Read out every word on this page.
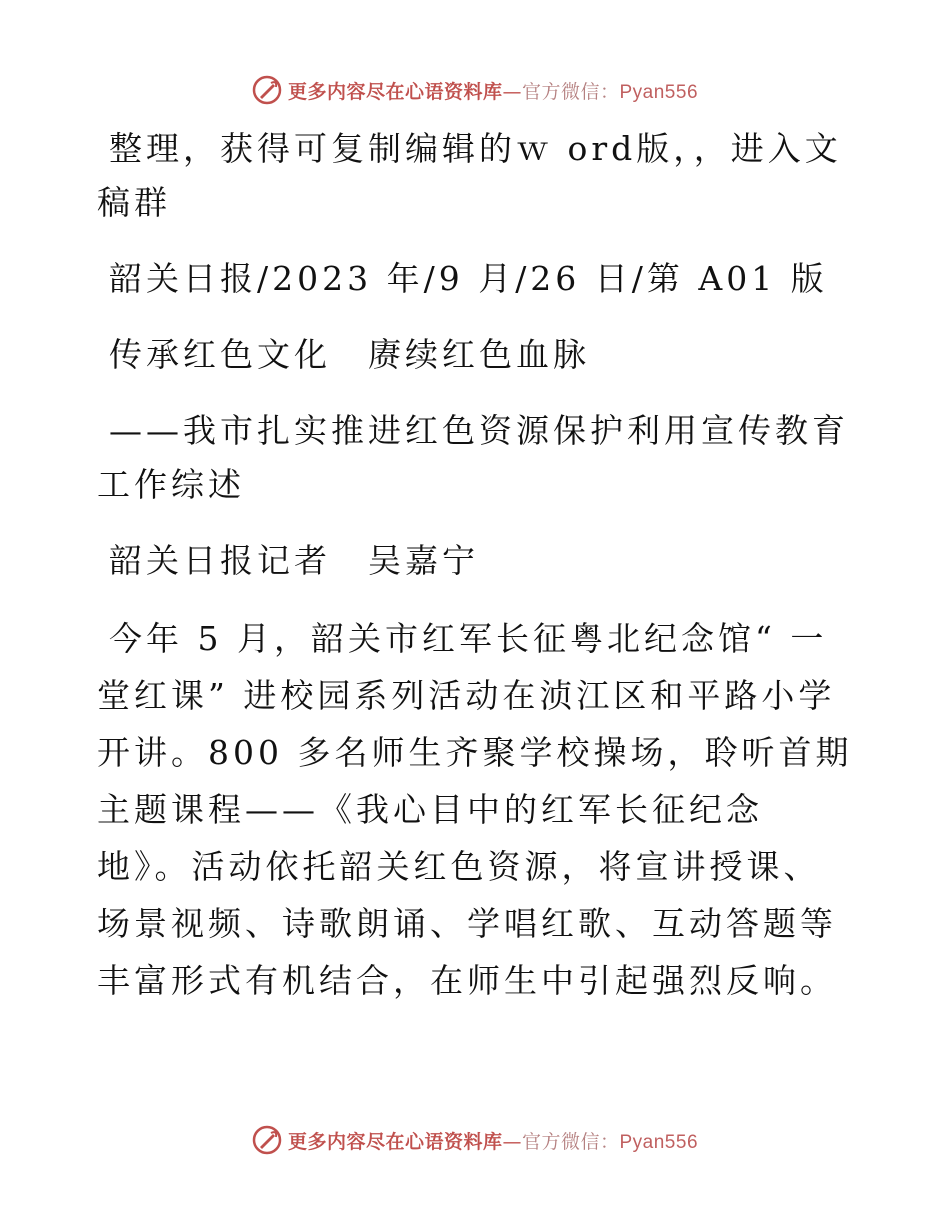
更多内容尽在心语资料库—官方微信：Pyan556

整理，获得可复制编辑的ｗ ord版，，进入文稿群

韶关日报/2023 年/9 月/26 日/第 A01 版

传承红色文化　赓续红色血脉

——我市扎实推进红色资源保护利用宣传教育工作综述

韶关日报记者　吴嘉宁

今年 5 月，韶关市红军长征粤北纪念馆“ 一堂红课” 进校园系列活动在浈江区和平路小学开讲。800 多名师生齐聚学校操场，聆听首期主题课程——《我心目中的红军长征纪念地》。活动依托韶关红色资源，将宣讲授课、场景视频、诗歌朗诵、学唱红歌、互动答题等丰富形式有机结合，在师生中引起强烈反响。

更多内容尽在心语资料库—官方微信：Pyan556
